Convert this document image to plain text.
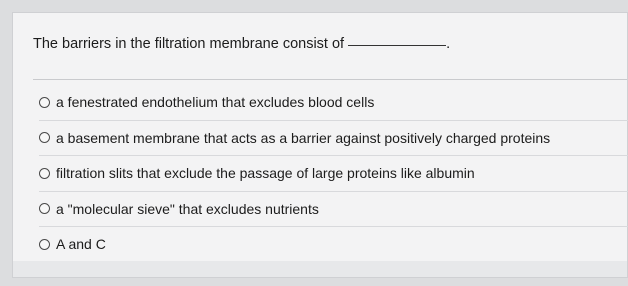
The barriers in the filtration membrane consist of	.
a fenestrated endothelium that excludes blood cells
a basement membrane that acts as a barrier against positively charged proteins
filtration slits that exclude the passage of large proteins like albumin
a "molecular sieve" that excludes nutrients
A and C
